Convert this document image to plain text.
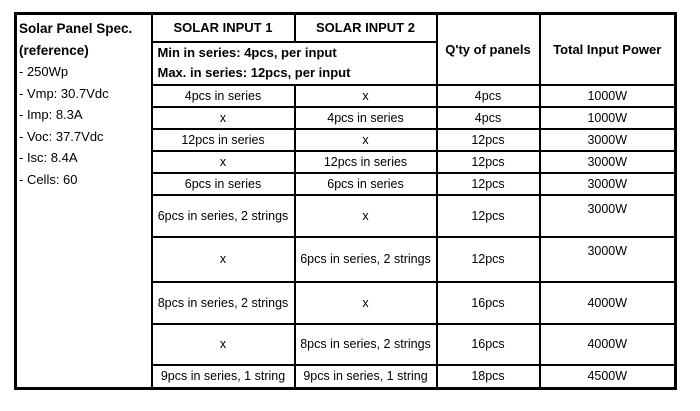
Solar Panel Spec.
(reference)
- 250Wp
- Vmp: 30.7Vdc
- Imp: 8.3A
- Voc: 37.7Vdc
- Isc: 8.4A
- Cells: 60
	SOLAR INPUT 1	SOLAR INPUT 2	Q'ty of panels	Total Input Power

	Min in series: 4pcs, per input
Max. in series: 12pcs, per input			

	4pcs in series	x	4pcs	1000W
	x	4pcs in series	4pcs	1000W
	12pcs in series	x	12pcs	3000W
	x	12pcs in series	12pcs	3000W
	6pcs in series	6pcs in series	12pcs	3000W
	6pcs in series, 2 strings	x	12pcs	3000W
	x	6pcs in series, 2 strings	12pcs	3000W
	8pcs in series, 2 strings	x	16pcs	4000W
	x	8pcs in series, 2 strings	16pcs	4000W
	9pcs in series, 1 string	9pcs in series, 1 string	18pcs	4500W
